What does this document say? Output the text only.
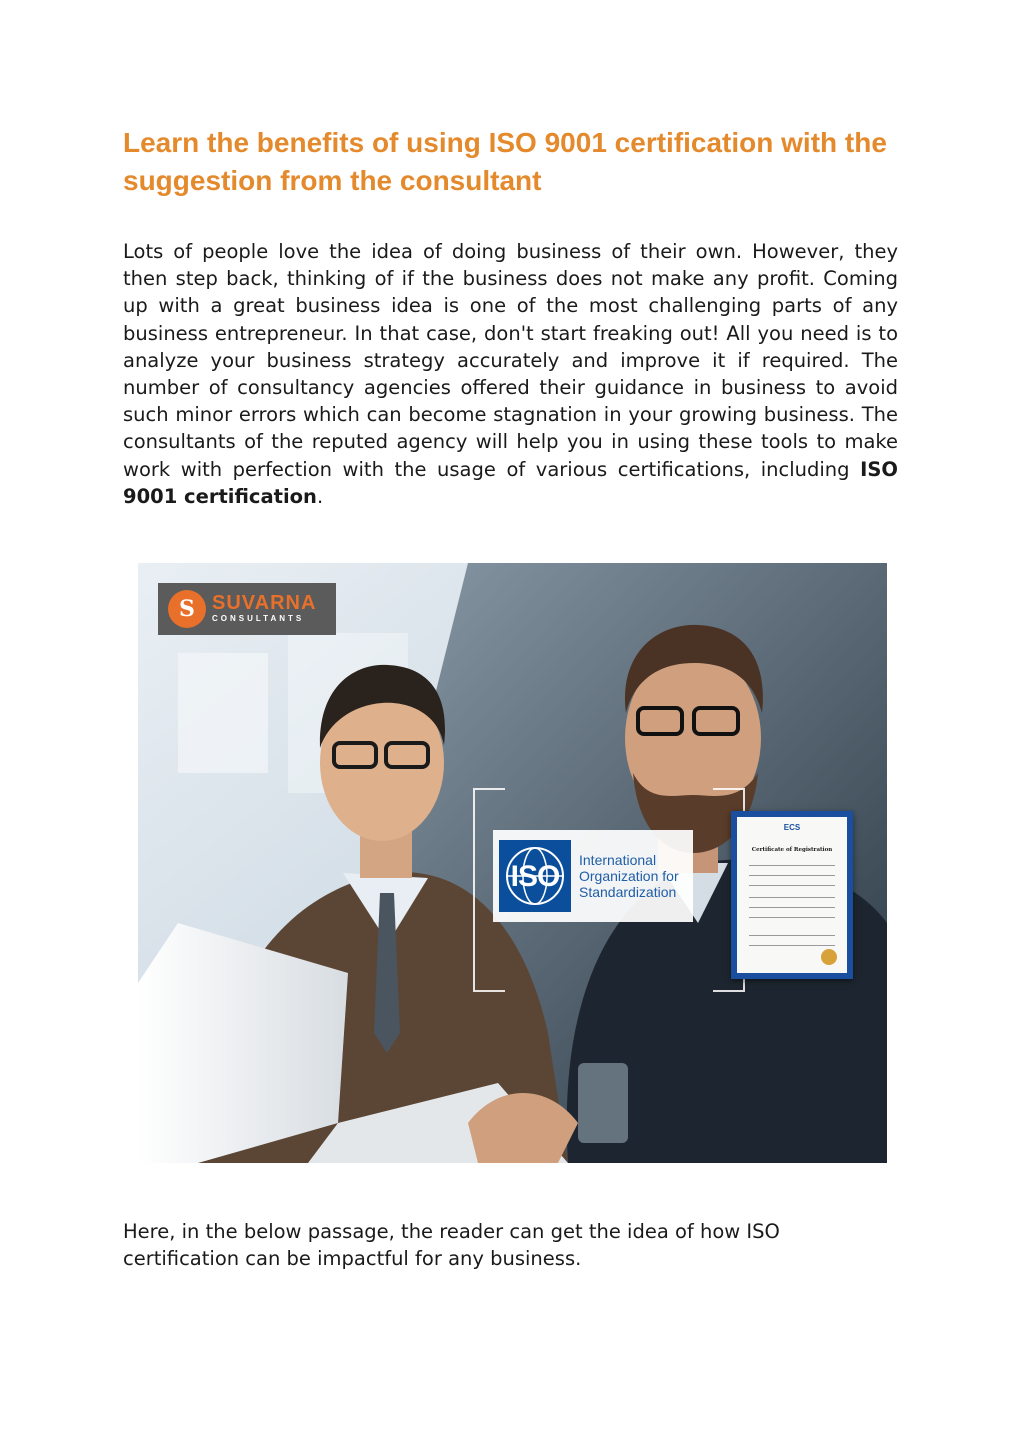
Learn the benefits of using ISO 9001 certification with the suggestion from the consultant

Lots of people love the idea of doing business of their own. However, they then step back, thinking of if the business does not make any profit. Coming up with a great business idea is one of the most challenging parts of any business entrepreneur. In that case, don't start freaking out! All you need is to analyze your business strategy accurately and improve it if required. The number of consultancy agencies offered their guidance in business to avoid such minor errors which can become stagnation in your growing business. The consultants of the reputed agency will help you in using these tools to make work with perfection with the usage of various certifications, including ISO 9001 certification.

S SUVARNA
CONSULTANTS
ISO	International
Organization for
Standardization
ECS
Certificate of Registration

Here, in the below passage, the reader can get the idea of how ISO certification can be impactful for any business.
